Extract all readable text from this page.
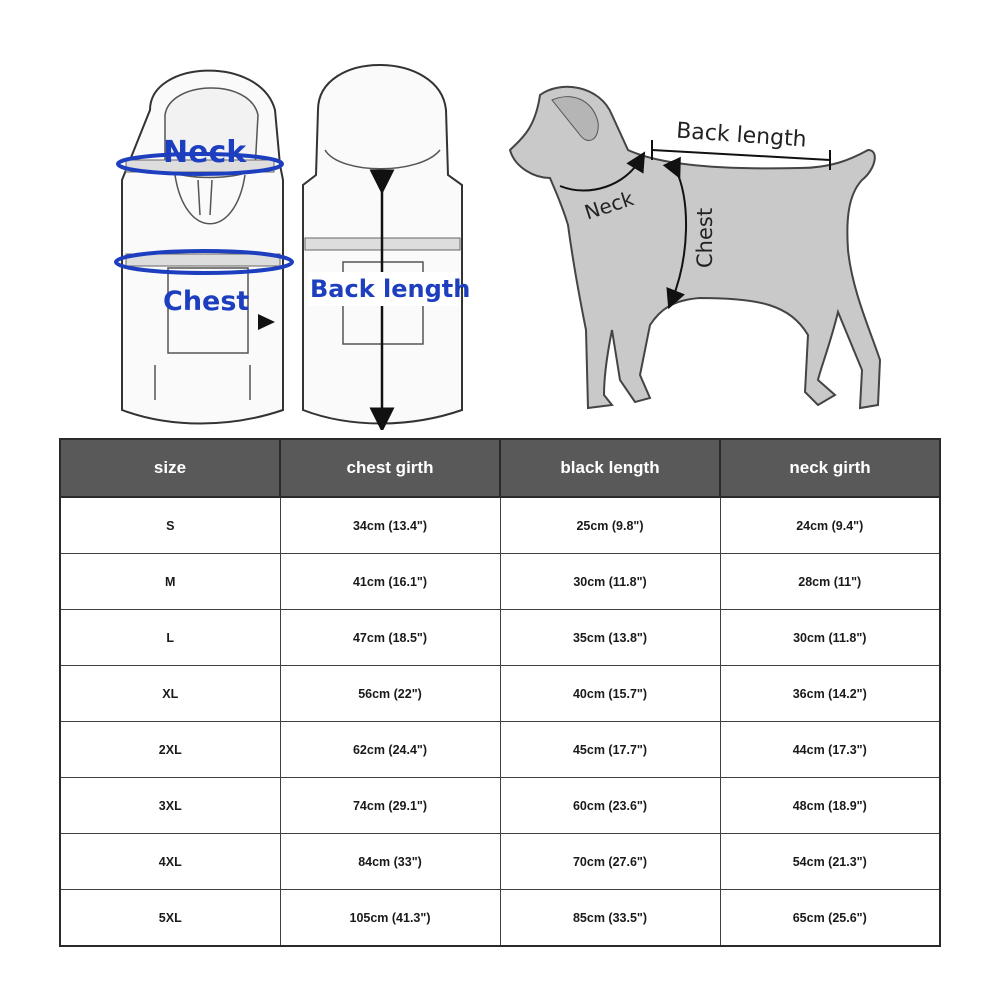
Neck
Chest	Back length
Back length
Neck
Chest
size	chest girth	black length	neck girth
S	34cm (13.4")	25cm (9.8")	24cm (9.4")
M	41cm (16.1")	30cm (11.8")	28cm (11")
L	47cm (18.5")	35cm (13.8")	30cm (11.8")
XL	56cm (22")	40cm (15.7")	36cm (14.2")
2XL	62cm (24.4")	45cm (17.7")	44cm (17.3")
3XL	74cm (29.1")	60cm (23.6")	48cm (18.9")
4XL	84cm (33")	70cm (27.6")	54cm (21.3")
5XL	105cm (41.3")	85cm (33.5")	65cm (25.6")
